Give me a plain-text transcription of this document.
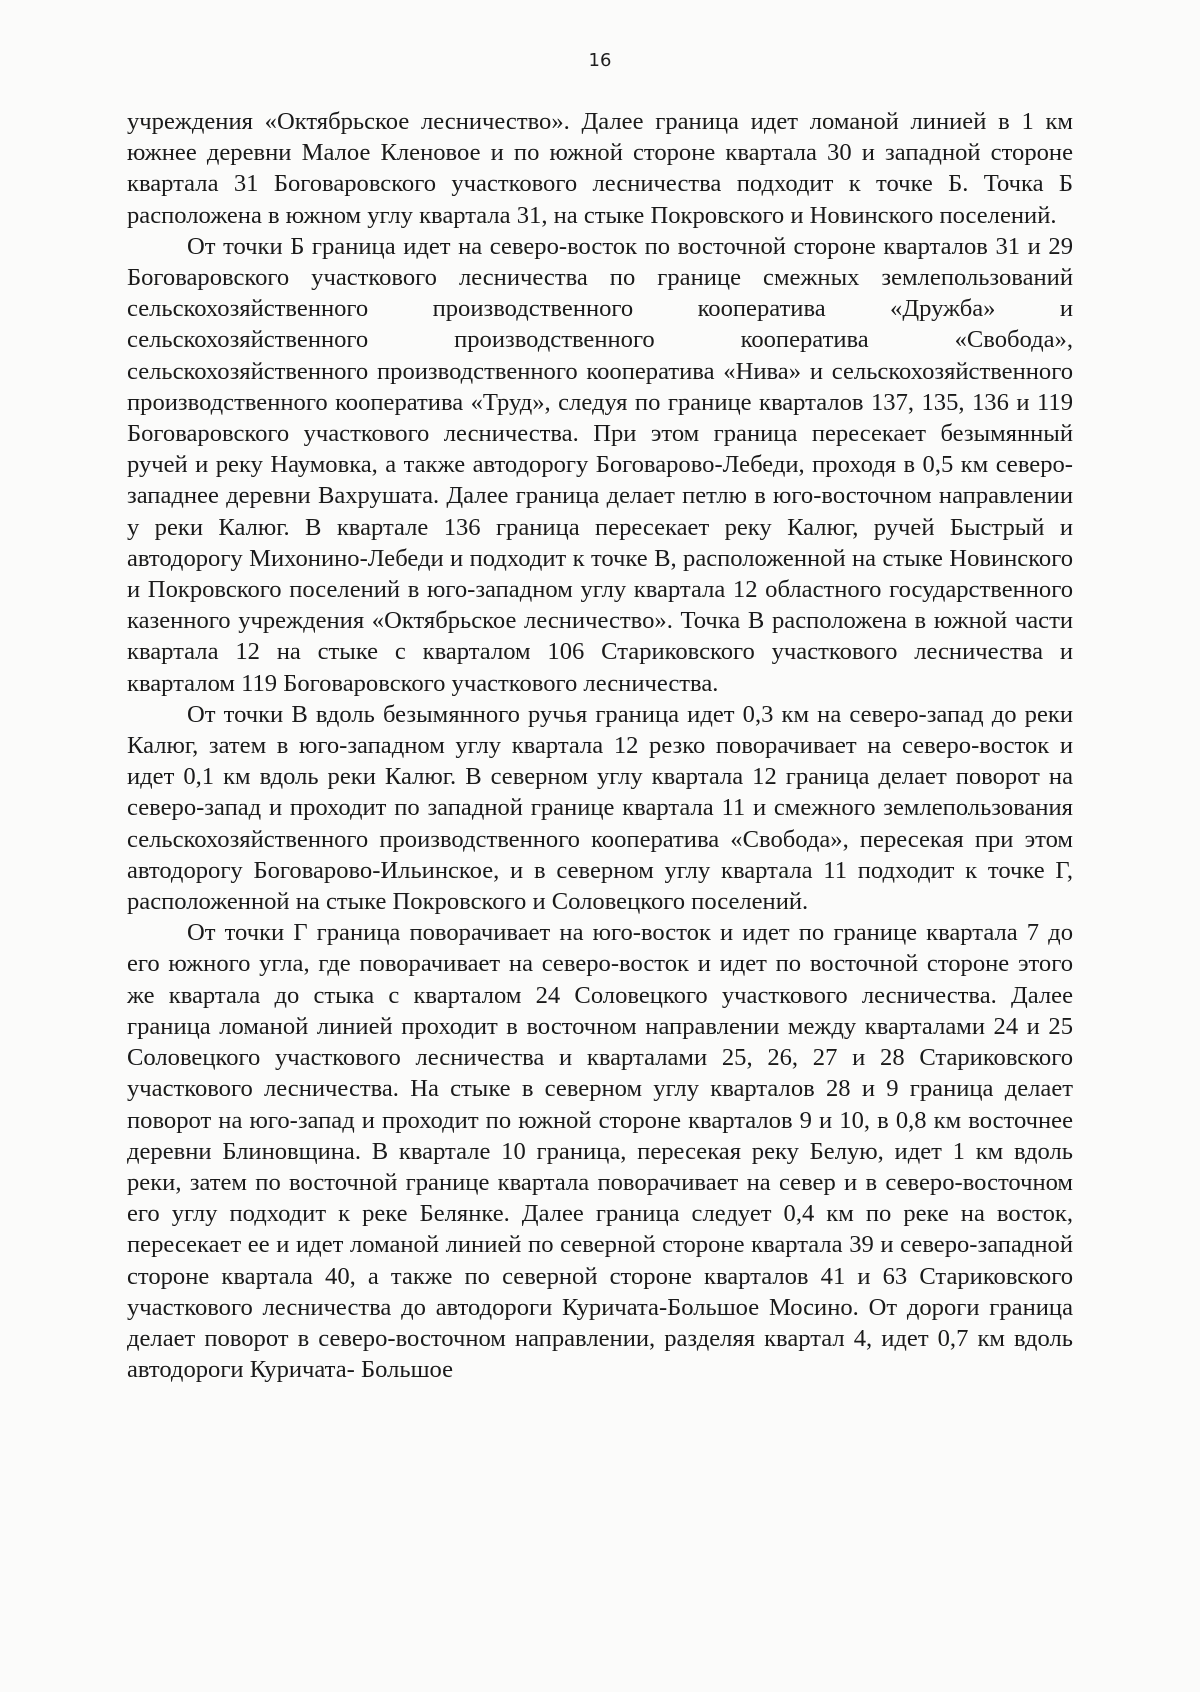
16

учреждения «Октябрьское лесничество». Далее граница идет ломаной линией в 1 км южнее деревни Малое Кленовое и по южной стороне квартала 30 и западной стороне квартала 31 Боговаровского участкового лесничества подходит к точке Б. Точка Б расположена в южном углу квартала 31, на стыке Покровского и Новинского поселений.

От точки Б граница идет на северо-восток по восточной стороне кварталов 31 и 29 Боговаровского участкового лесничества по границе смежных землепользований сельскохозяйственного производственного кооператива «Дружба» и сельскохозяйственного производственного кооператива «Свобода», сельскохозяйственного производственного кооператива «Нива» и сельскохозяйственного производственного кооператива «Труд», следуя по границе кварталов 137, 135, 136 и 119 Боговаровского участкового лесничества. При этом граница пересекает безымянный ручей и реку Наумовка, а также автодорогу Боговарово-Лебеди, проходя в 0,5 км северо-западнее деревни Вахрушата. Далее граница делает петлю в юго-восточном направлении у реки Калюг. В квартале 136 граница пересекает реку Калюг, ручей Быстрый и автодорогу Михонино-Лебеди и подходит к точке В, расположенной на стыке Новинского и Покровского поселений в юго-западном углу квартала 12 областного государственного казенного учреждения «Октябрьское лесничество». Точка В расположена в южной части квартала 12 на стыке с кварталом 106 Стариковского участкового лесничества и кварталом 119 Боговаровского участкового лесничества.

От точки В вдоль безымянного ручья граница идет 0,3 км на северо-запад до реки Калюг, затем в юго-западном углу квартала 12 резко поворачивает на северо-восток и идет 0,1 км вдоль реки Калюг. В северном углу квартала 12 граница делает поворот на северо-запад и проходит по западной границе квартала 11 и смежного землепользования сельскохозяйственного производственного кооператива «Свобода», пересекая при этом автодорогу Боговарово-Ильинское, и в северном углу квартала 11 подходит к точке Г, расположенной на стыке Покровского и Соловецкого поселений.

От точки Г граница поворачивает на юго-восток и идет по границе квартала 7 до его южного угла, где поворачивает на северо-восток и идет по восточной стороне этого же квартала до стыка с кварталом 24 Соловецкого участкового лесничества. Далее граница ломаной линией проходит в восточном направлении между кварталами 24 и 25 Соловецкого участкового лесничества и кварталами 25, 26, 27 и 28 Стариковского участкового лесничества. На стыке в северном углу кварталов 28 и 9 граница делает поворот на юго-запад и проходит по южной стороне кварталов 9 и 10, в 0,8 км восточнее деревни Блиновщина. В квартале 10 граница, пересекая реку Белую, идет 1 км вдоль реки, затем по восточной границе квартала поворачивает на север и в северо-восточном его углу подходит к реке Белянке. Далее граница следует 0,4 км по реке на восток, пересекает ее и идет ломаной линией по северной стороне квартала 39 и северо-западной стороне квартала 40, а также по северной стороне кварталов 41 и 63 Стариковского участкового лесничества до автодороги Куричата-Большое Мосино. От дороги граница делает поворот в северо-восточном направлении, разделяя квартал 4, идет 0,7 км вдоль автодороги Куричата- Большое
